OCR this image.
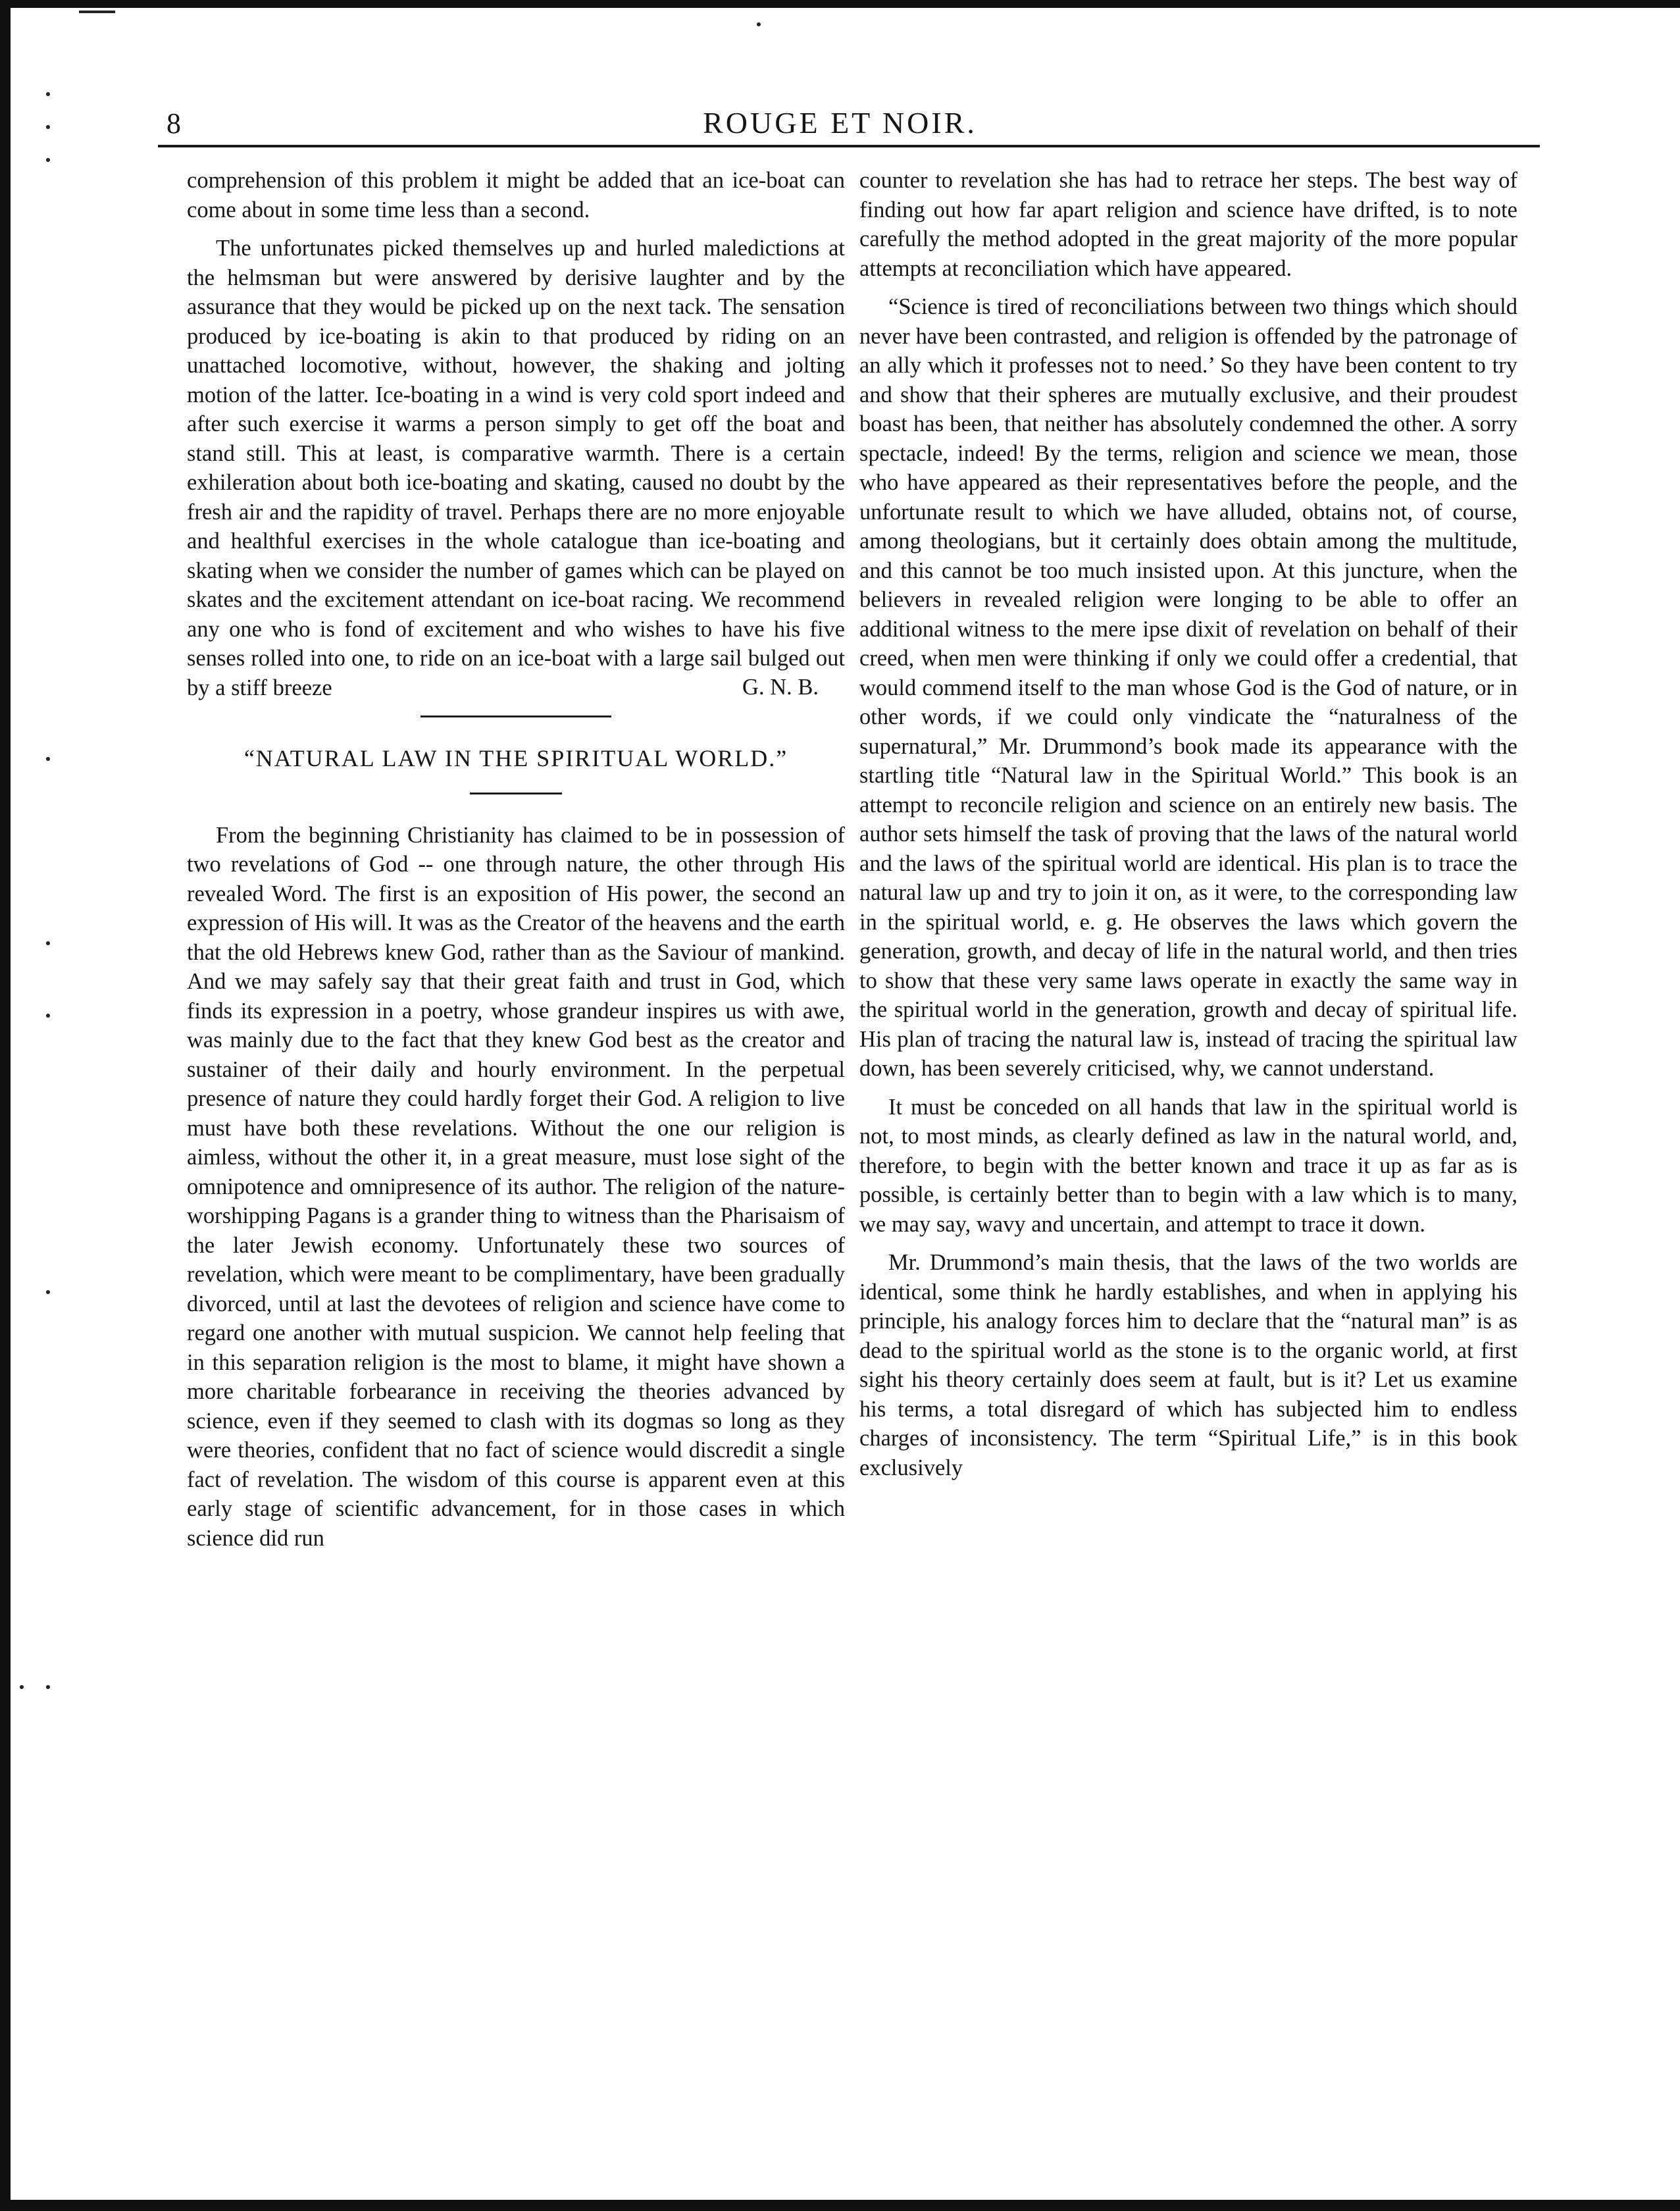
8	ROUGE ET NOIR.

comprehension of this problem it might be added that an ice-boat can come about in some time less than a second.

The unfortunates picked themselves up and hurled maledictions at the helmsman but were answered by derisive laughter and by the assurance that they would be picked up on the next tack. The sensation produced by ice-boating is akin to that produced by riding on an unattached locomotive, without, however, the shaking and jolting motion of the latter. Ice-boating in a wind is very cold sport indeed and after such exercise it warms a person simply to get off the boat and stand still. This at least, is comparative warmth. There is a certain exhileration about both ice-boating and skating, caused no doubt by the fresh air and the rapidity of travel. Perhaps there are no more enjoyable and healthful exercises in the whole catalogue than ice-boating and skating when we consider the number of games which can be played on skates and the excitement attendant on ice-boat racing. We recommend any one who is fond of excitement and who wishes to have his five senses rolled into one, to ride on an ice-boat with a large sail bulged out by a stiff breeze	G. N. B.

“NATURAL LAW IN THE SPIRITUAL WORLD.”

From the beginning Christianity has claimed to be in possession of two revelations of God -- one through nature, the other through His revealed Word. The first is an exposition of His power, the second an expression of His will. It was as the Creator of the heavens and the earth that the old Hebrews knew God, rather than as the Saviour of mankind. And we may safely say that their great faith and trust in God, which finds its expression in a poetry, whose grandeur inspires us with awe, was mainly due to the fact that they knew God best as the creator and sustainer of their daily and hourly environment. In the perpetual presence of nature they could hardly forget their God. A religion to live must have both these revelations. Without the one our religion is aimless, without the other it, in a great measure, must lose sight of the omnipotence and omnipresence of its author. The religion of the nature-worshipping Pagans is a grander thing to witness than the Pharisaism of the later Jewish economy. Unfortunately these two sources of revelation, which were meant to be complimentary, have been gradually divorced, until at last the devotees of religion and science have come to regard one another with mutual suspicion. We cannot help feeling that in this separation religion is the most to blame, it might have shown a more charitable forbearance in receiving the theories advanced by science, even if they seemed to clash with its dogmas so long as they were theories, confident that no fact of science would discredit a single fact of revelation. The wisdom of this course is apparent even at this early stage of scientific advancement, for in those cases in which science did run

counter to revelation she has had to retrace her steps. The best way of finding out how far apart religion and science have drifted, is to note carefully the method adopted in the great majority of the more popular attempts at reconciliation which have appeared.

“Science is tired of reconciliations between two things which should never have been contrasted, and religion is offended by the patronage of an ally which it professes not to need.’ So they have been content to try and show that their spheres are mutually exclusive, and their proudest boast has been, that neither has absolutely condemned the other. A sorry spectacle, indeed! By the terms, religion and science we mean, those who have appeared as their representatives before the people, and the unfortunate result to which we have alluded, obtains not, of course, among theologians, but it certainly does obtain among the multitude, and this cannot be too much insisted upon. At this juncture, when the believers in revealed religion were longing to be able to offer an additional witness to the mere ipse dixit of revelation on behalf of their creed, when men were thinking if only we could offer a credential, that would commend itself to the man whose God is the God of nature, or in other words, if we could only vindicate the “naturalness of the supernatural,” Mr. Drummond’s book made its appearance with the startling title “Natural law in the Spiritual World.” This book is an attempt to reconcile religion and science on an entirely new basis. The author sets himself the task of proving that the laws of the natural world and the laws of the spiritual world are identical. His plan is to trace the natural law up and try to join it on, as it were, to the corresponding law in the spiritual world, e. g. He observes the laws which govern the generation, growth, and decay of life in the natural world, and then tries to show that these very same laws operate in exactly the same way in the spiritual world in the generation, growth and decay of spiritual life. His plan of tracing the natural law is, instead of tracing the spiritual law down, has been severely criticised, why, we cannot understand.

It must be conceded on all hands that law in the spiritual world is not, to most minds, as clearly defined as law in the natural world, and, therefore, to begin with the better known and trace it up as far as is possible, is certainly better than to begin with a law which is to many, we may say, wavy and uncertain, and attempt to trace it down.

Mr. Drummond’s main thesis, that the laws of the two worlds are identical, some think he hardly establishes, and when in applying his principle, his analogy forces him to declare that the “natural man” is as dead to the spiritual world as the stone is to the organic world, at first sight his theory certainly does seem at fault, but is it? Let us examine his terms, a total disregard of which has subjected him to endless charges of inconsistency. The term “Spiritual Life,” is in this book exclusively
